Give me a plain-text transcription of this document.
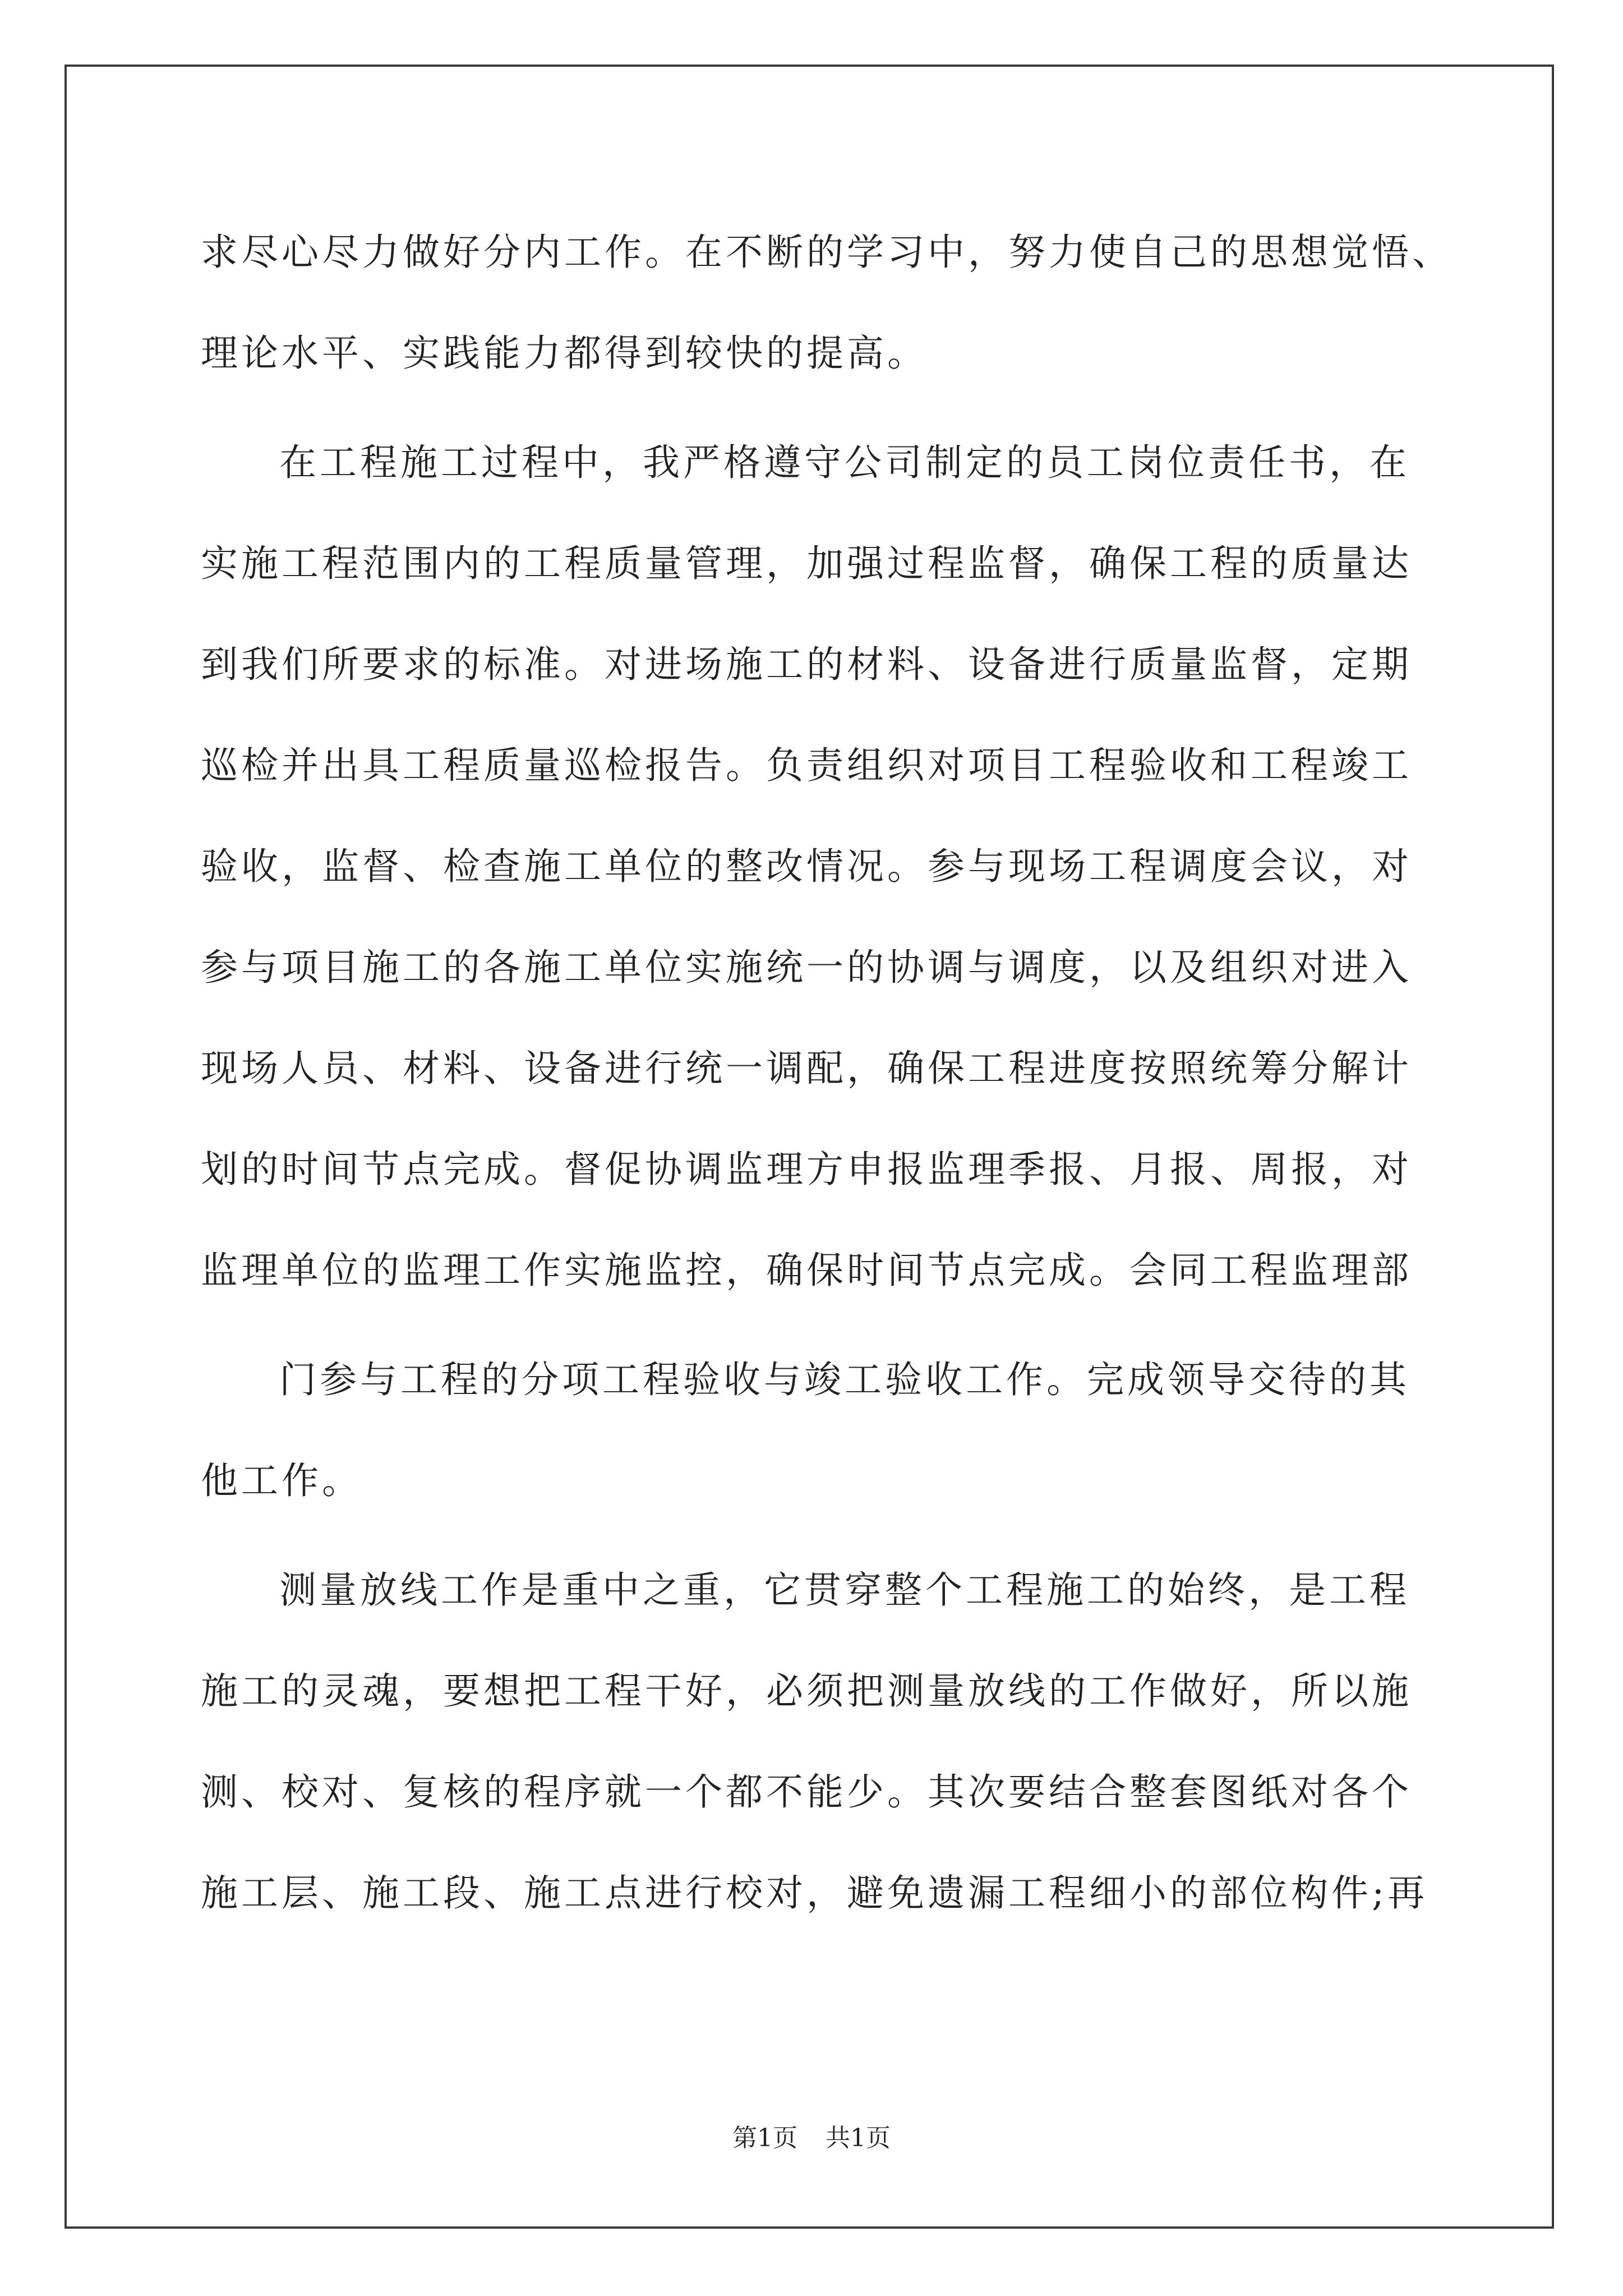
求尽心尽力做好分内工作。在不断的学习中，努力使自己的思想觉悟、

理论水平、实践能力都得到较快的提高。

在工程施工过程中，我严格遵守公司制定的员工岗位责任书，在

实施工程范围内的工程质量管理，加强过程监督，确保工程的质量达

到我们所要求的标准。对进场施工的材料、设备进行质量监督，定期

巡检并出具工程质量巡检报告。负责组织对项目工程验收和工程竣工

验收，监督、检查施工单位的整改情况。参与现场工程调度会议，对

参与项目施工的各施工单位实施统一的协调与调度，以及组织对进入

现场人员、材料、设备进行统一调配，确保工程进度按照统筹分解计

划的时间节点完成。督促协调监理方申报监理季报、月报、周报，对

监理单位的监理工作实施监控，确保时间节点完成。会同工程监理部

门参与工程的分项工程验收与竣工验收工作。完成领导交待的其

他工作。

测量放线工作是重中之重，它贯穿整个工程施工的始终，是工程

施工的灵魂，要想把工程干好，必须把测量放线的工作做好，所以施

测、校对、复核的程序就一个都不能少。其次要结合整套图纸对各个

施工层、施工段、施工点进行校对，避免遗漏工程细小的部位构件;再

第1页 共1页
